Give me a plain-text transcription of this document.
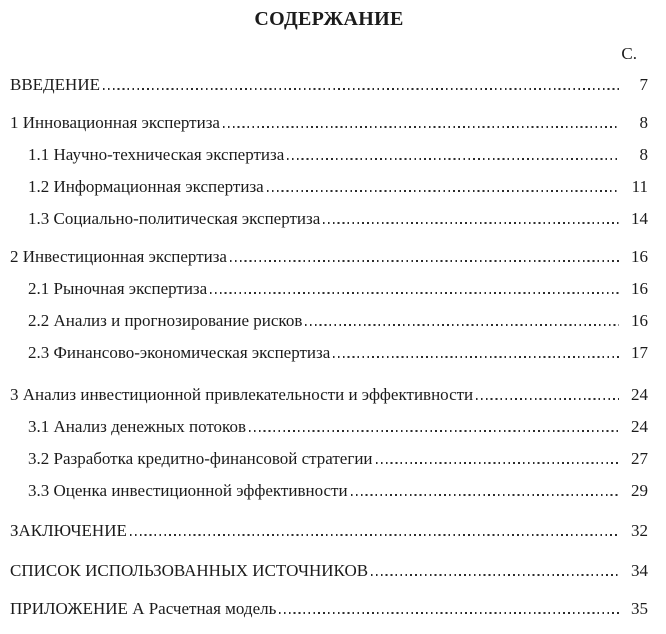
СОДЕРЖАНИЕ
С.
ВВЕДЕНИЕ	7
1 Инновационная экспертиза	8
1.1 Научно-техническая экспертиза	8
1.2 Информационная экспертиза	11
1.3 Социально-политическая экспертиза	14
2 Инвестиционная экспертиза	16
2.1 Рыночная экспертиза	16
2.2 Анализ и прогнозирование рисков	16
2.3 Финансово-экономическая экспертиза	17
3 Анализ инвестиционной привлекательности и эффективности	24
3.1 Анализ денежных потоков	24
3.2 Разработка кредитно-финансовой стратегии	27
3.3 Оценка инвестиционной эффективности	29
ЗАКЛЮЧЕНИЕ	32
СПИСОК ИСПОЛЬЗОВАННЫХ ИСТОЧНИКОВ	34
ПРИЛОЖЕНИЕ А Расчетная модель	35
